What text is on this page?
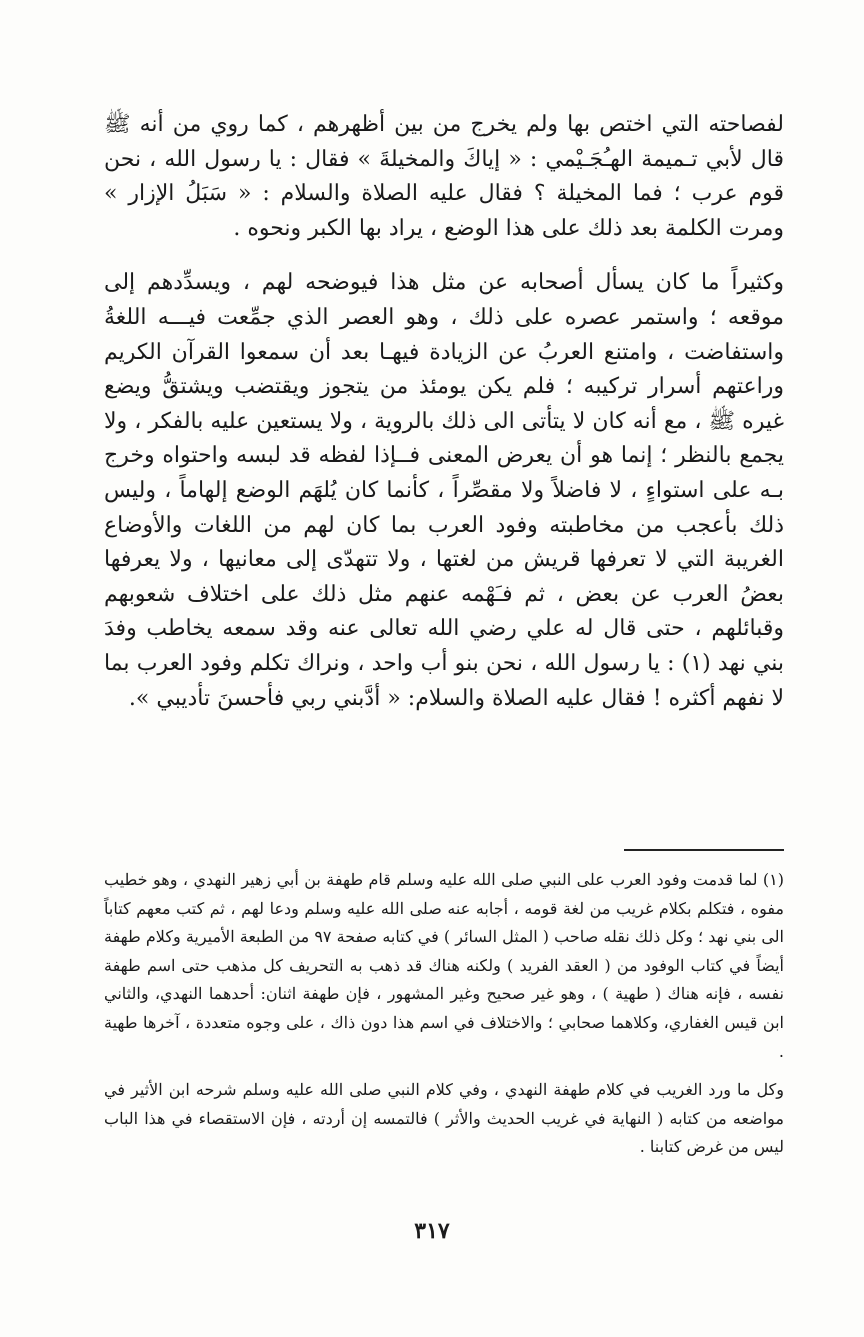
لفصاحته التي اختص بها ولم يخرج من بين أظهرهم ، كما روي من أنه ﷺ قال لأبي تـميمة الهـُجَـيْمي : « إياكَ والمخيلةَ » فقال : يا رسول الله ، نحن قوم عرب ؛ فما المخيلة ؟ فقال عليه الصلاة والسلام : « سَبَلُ الإزار » ومرت الكلمة بعد ذلك على هذا الوضع ، يراد بها الكبر ونحوه .

وكثيراً ما كان يسأل أصحابه عن مثل هذا فيوضحه لهم ، ويسدِّدهم إلى موقعه ؛ واستمر عصره على ذلك ، وهو العصر الذي جمِّعت فيـــه اللغةُ واستفاضت ، وامتنع العربُ عن الزيادة فيهـا بعد أن سمعوا القرآن الكريم وراعتهم أسرار تركيبه ؛ فلم يكن يومئذ من يتجوز ويقتضب ويشتقُّ ويضع غيره ﷺ ، مع أنه كان لا يتأتى الى ذلك بالروية ، ولا يستعين عليه بالفكر ، ولا يجمع بالنظر ؛ إنما هو أن يعرض المعنى فــإذا لفظه قد لبسه واحتواه وخرج بـه على استواءٍ ، لا فاضلاً ولا مقصِّراً ، كأنما كان يُلهَم الوضع إلهاماً ، وليس ذلك بأعجب من مخاطبته وفود العرب بما كان لهم من اللغات والأوضاع الغريبة التي لا تعرفها قريش من لغتها ، ولا تتهدّى إلى معانيها ، ولا يعرفها بعضُ العرب عن بعض ، ثم فـَهْمه عنهم مثل ذلك على اختلاف شعوبهم وقبائلهم ، حتى قال له علي رضي الله تعالى عنه وقد سمعه يخاطب وفدَ بني نهد (١) : يا رسول الله ، نحن بنو أب واحد ، ونراك تكلم وفود العرب بما لا نفهم أكثره ! فقال عليه الصلاة والسلام: « أدَّبني ربي فأحسنَ تأديبي ».

(١) لما قدمت وفود العرب على النبي صلى الله عليه وسلم قام طهفة بن أبي زهير النهدي ، وهو خطيب مفوه ، فتكلم بكلام غريب من لغة قومه ، أجابه عنه صلى الله عليه وسلم ودعا لهم ، ثم كتب معهم كتاباً الى بني نهد ؛ وكل ذلك نقله صاحب ( المثل السائر ) في كتابه صفحة ٩٧ من الطبعة الأميرية وكلام طهفة أيضاً في كتاب الوفود من ( العقد الفريد ) ولكنه هناك قد ذهب به التحريف كل مذهب حتى اسم طهفة نفسه ، فإنه هناك ( طهية ) ، وهو غير صحيح وغير المشهور ، فإن طهفة اثنان: أحدهما النهدي، والثاني ابن قيس الغفاري، وكلاهما صحابي ؛ والاختلاف في اسم هذا دون ذاك ، على وجوه متعددة ، آخرها طهية .

وكل ما ورد الغريب في كلام طهفة النهدي ، وفي كلام النبي صلى الله عليه وسلم شرحه ابن الأثير في مواضعه من كتابه ( النهاية في غريب الحديث والأثر ) فالتمسه إن أردته ، فإن الاستقصاء في هذا الباب ليس من غرض كتابنا .

٣١٧
